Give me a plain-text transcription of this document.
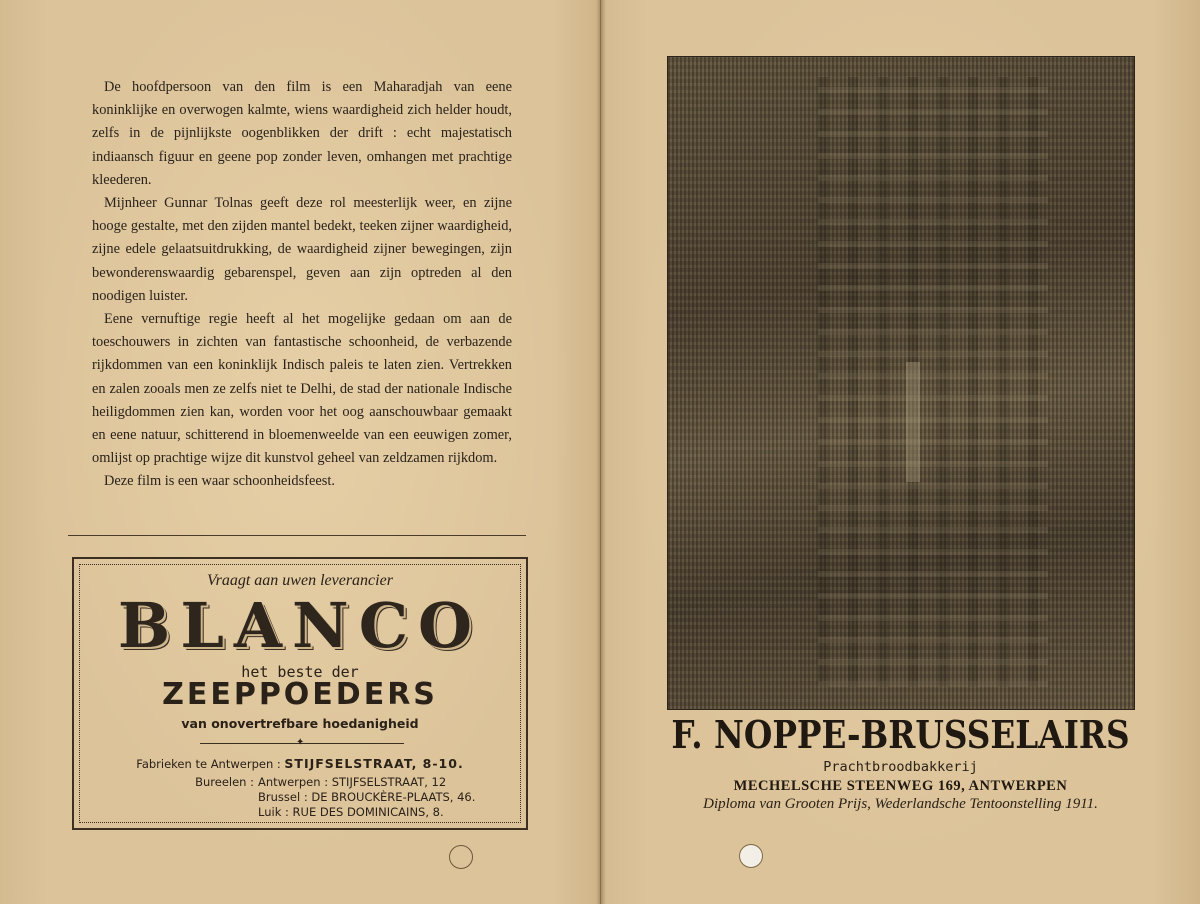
De hoofdpersoon van den film is een Maharadjah van eene koninklijke en overwogen kalmte, wiens waardigheid zich helder houdt, zelfs in de pijnlijkste oogenblikken der drift : echt majestatisch indiaansch figuur en geene pop zonder leven, omhangen met prachtige kleederen.

Mijnheer Gunnar Tolnas geeft deze rol meesterlijk weer, en zijne hooge gestalte, met den zijden mantel bedekt, teeken zijner waardigheid, zijne edele gelaatsuitdrukking, de waardigheid zijner bewegingen, zijn bewonderenswaardig gebarenspel, geven aan zijn optreden al den noodigen luister.

Eene vernuftige regie heeft al het mogelijke gedaan om aan de toeschouwers in zichten van fantastische schoonheid, de verbazende rijkdommen van een koninklijk Indisch paleis te laten zien. Vertrekken en zalen zooals men ze zelfs niet te Delhi, de stad der nationale Indische heiligdommen zien kan, worden voor het oog aanschouwbaar gemaakt en eene natuur, schitterend in bloemenweelde van een eeuwigen zomer, omlijst op prachtige wijze dit kunstvol geheel van zeldzamen rijkdom.

Deze film is een waar schoonheidsfeest.

Vraagt aan uwen leverancier
BLANCO
het beste der
ZEEPPOEDERS
van onovertrefbare hoedanigheid
✦
Fabrieken te Antwerpen : STIJFSELSTRAAT, 8-10.
Bureelen : Antwerpen : STIJFSELSTRAAT, 12
Brussel : DE BROUCKÈRE-PLAATS, 46.
Luik : RUE DES DOMINICAINS, 8.
F. NOPPE-BRUSSELAIRS
Prachtbroodbakkerij
MECHELSCHE STEENWEG 169, ANTWERPEN
Diploma van Grooten Prijs, Wederlandsche Tentoonstelling 1911.
